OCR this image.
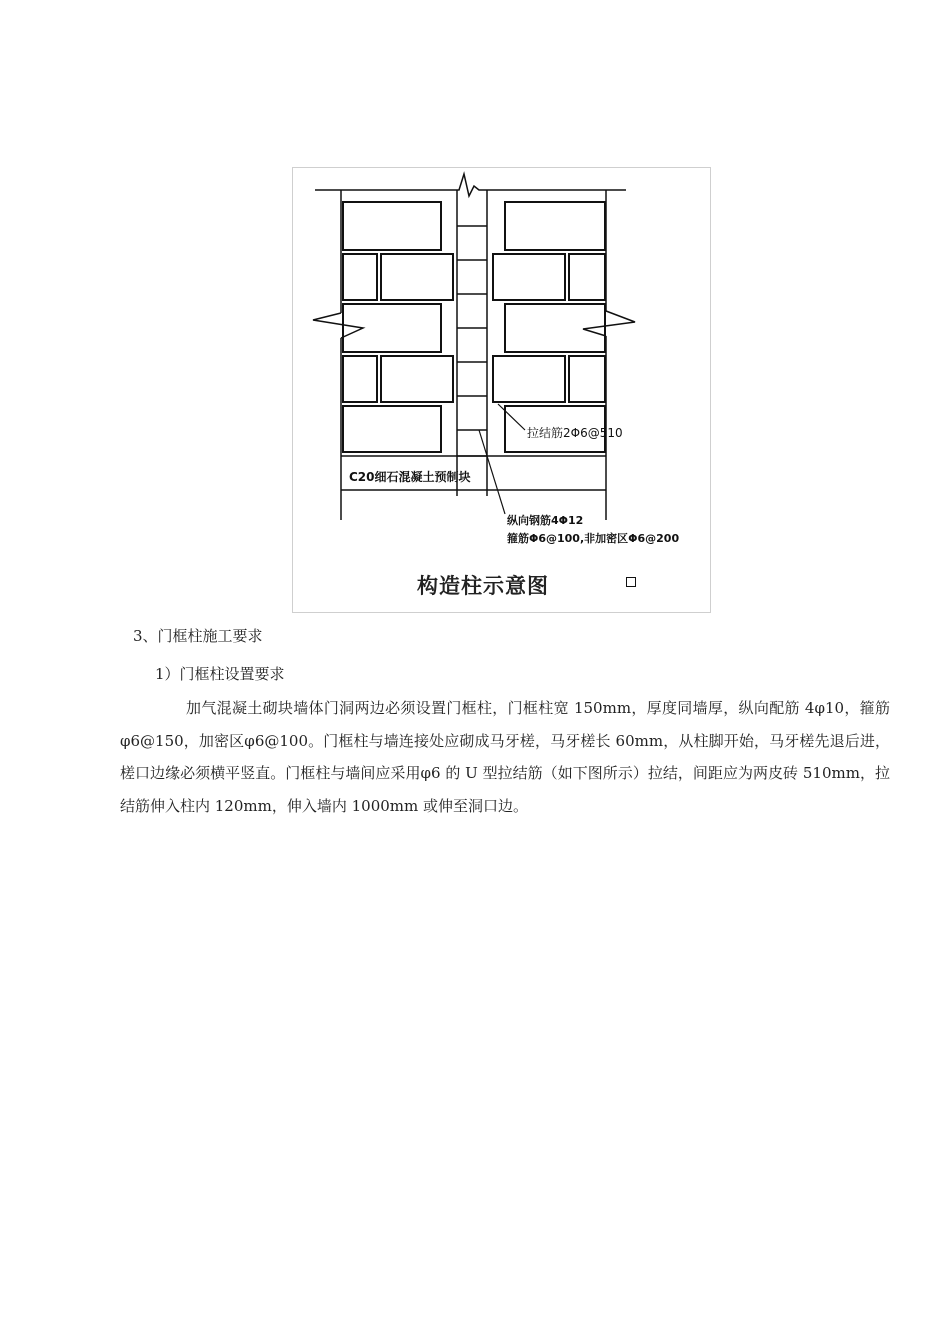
拉结筋2Φ6@510
C20细石混凝土预制块
纵向钢筋4Φ12
箍筋Φ6@100,非加密区Φ6@200
构造柱示意图
3、门框柱施工要求
1）门框柱设置要求

加气混凝土砌块墙体门洞两边必须设置门框柱，门框柱宽 150mm，厚度同墙厚，纵向配筋 4φ10，箍筋φ6@150，加密区φ6@100。门框柱与墙连接处应砌成马牙槎，马牙槎长 60mm，从柱脚开始，马牙槎先退后进，槎口边缘必须横平竖直。门框柱与墙间应采用φ6 的 U 型拉结筋（如下图所示）拉结，间距应为两皮砖 510mm，拉结筋伸入柱内 120mm，伸入墙内 1000mm 或伸至洞口边。
